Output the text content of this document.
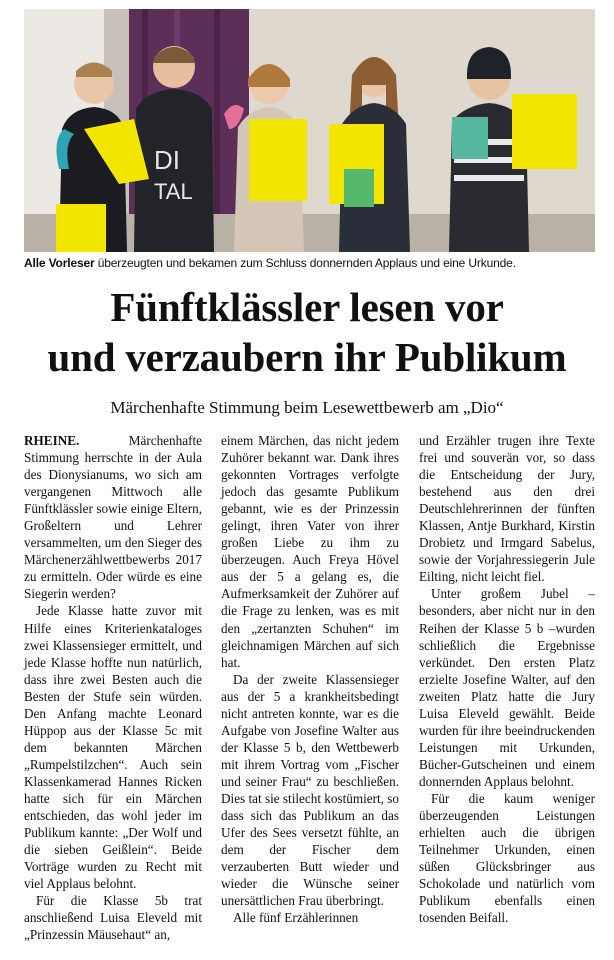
DI
TAL
Alle Vorleser überzeugten und bekamen zum Schluss donnernden Applaus und eine Urkunde.
Fünftklässler lesen vor
und verzaubern ihr Publikum
Märchenhafte Stimmung beim Lesewettbewerb am „Dio“

RHEINE. Märchenhafte Stimmung herrschte in der Aula des Dionysianums, wo sich am vergangenen Mittwoch alle Fünftklässler sowie einige Eltern, Großeltern und Lehrer versammelten, um den Sieger des Märchenerzählwettbewerbs 2017 zu ermitteln. Oder würde es eine Siegerin werden?

Jede Klasse hatte zuvor mit Hilfe eines Kriterienkataloges zwei Klassensieger ermittelt, und jede Klasse hoffte nun natürlich, dass ihre zwei Besten auch die Besten der Stufe sein würden. Den Anfang machte Leonard Hüppop aus der Klasse 5c mit dem bekannten Märchen „Rumpelstilzchen“. Auch sein Klassenkamerad Hannes Ricken hatte sich für ein Märchen entschieden, das wohl jeder im Publikum kannte: „Der Wolf und die sieben Geißlein“. Beide Vorträge wurden zu Recht mit viel Applaus belohnt.

Für die Klasse 5b trat anschließend Luisa Eleveld mit „Prinzessin Mäusehaut“ an,

einem Märchen, das nicht jedem Zuhörer bekannt war. Dank ihres gekonnten Vortrages verfolgte jedoch das gesamte Publikum gebannt, wie es der Prinzessin gelingt, ihren Vater von ihrer großen Liebe zu ihm zu überzeugen. Auch Freya Hövel aus der 5 a gelang es, die Aufmerksamkeit der Zuhörer auf die Frage zu lenken, was es mit den „zertanzten Schuhen“ im gleichnamigen Märchen auf sich hat.

Da der zweite Klassensieger aus der 5 a krankheitsbedingt nicht antreten konnte, war es die Aufgabe von Josefine Walter aus der Klasse 5 b, den Wettbewerb mit ihrem Vortrag vom „Fischer und seiner Frau“ zu beschließen. Dies tat sie stilecht kostümiert, so dass sich das Publikum an das Ufer des Sees versetzt fühlte, an dem der Fischer dem verzauberten Butt wieder und wieder die Wünsche seiner unersättlichen Frau überbringt.

Alle fünf Erzählerinnen

und Erzähler trugen ihre Texte frei und souverän vor, so dass die Entscheidung der Jury, bestehend aus den drei Deutschlehrerinnen der fünften Klassen, Antje Burkhard, Kirstin Drobietz und Irmgard Sabelus, sowie der Vorjahressiegerin Jule Eilting, nicht leicht fiel.

Unter großem Jubel – besonders, aber nicht nur in den Reihen der Klasse 5 b –wurden schließlich die Ergebnisse verkündet. Den ersten Platz erzielte Josefine Walter, auf den zweiten Platz hatte die Jury Luisa Eleveld gewählt. Beide wurden für ihre beeindruckenden Leistungen mit Urkunden, Bücher-Gutscheinen und einem donnernden Applaus belohnt.

Für die kaum weniger überzeugenden Leistungen erhielten auch die übrigen Teilnehmer Urkunden, einen süßen Glücksbringer aus Schokolade und natürlich vom Publikum ebenfalls einen tosenden Beifall.
